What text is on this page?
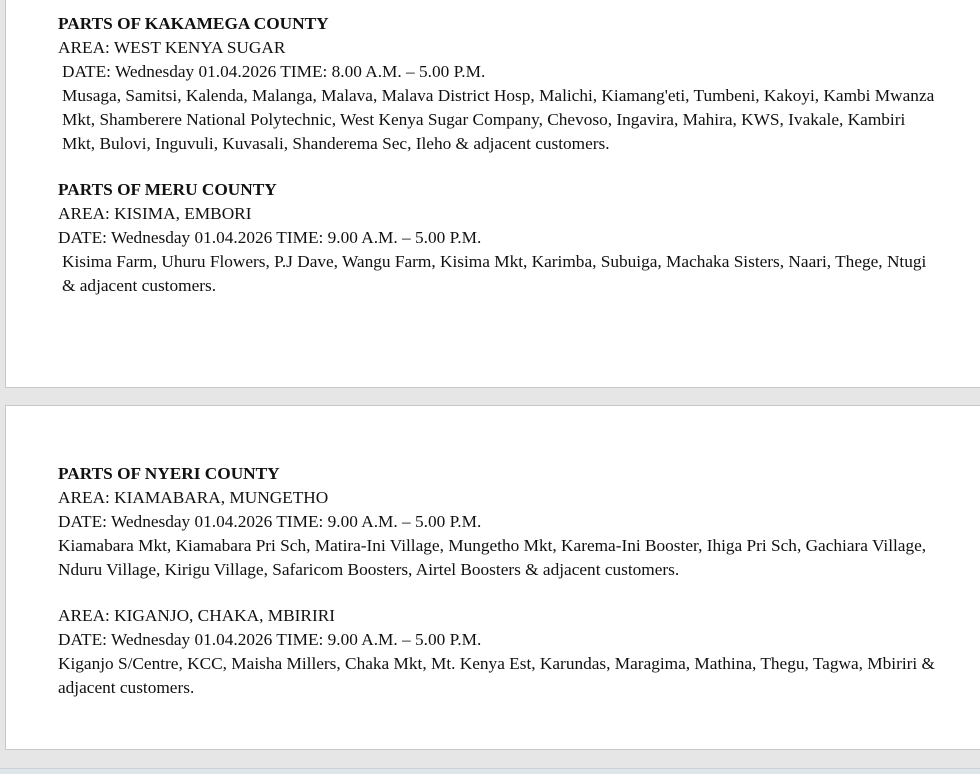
PARTS OF KAKAMEGA COUNTY
AREA: WEST KENYA SUGAR
DATE: Wednesday 01.04.2026 TIME: 8.00 A.M. – 5.00 P.M.
Musaga, Samitsi, Kalenda, Malanga, Malava, Malava District Hosp, Malichi, Kiamang'eti, Tumbeni, Kakoyi, Kambi Mwanza Mkt, Shamberere National Polytechnic, West Kenya Sugar Company, Chevoso, Ingavira, Mahira, KWS, Ivakale, Kambiri Mkt, Bulovi, Inguvuli, Kuvasali, Shanderema Sec, Ileho & adjacent customers.
PARTS OF MERU COUNTY
AREA: KISIMA, EMBORI
DATE: Wednesday 01.04.2026 TIME: 9.00 A.M. – 5.00 P.M.
Kisima Farm, Uhuru Flowers, P.J Dave, Wangu Farm, Kisima Mkt, Karimba, Subuiga, Machaka Sisters, Naari, Thege, Ntugi & adjacent customers.
PARTS OF NYERI COUNTY
AREA: KIAMABARA, MUNGETHO
DATE: Wednesday 01.04.2026 TIME: 9.00 A.M. – 5.00 P.M.
Kiamabara Mkt, Kiamabara Pri Sch, Matira-Ini Village, Mungetho Mkt, Karema-Ini Booster, Ihiga Pri Sch, Gachiara Village, Nduru Village, Kirigu Village, Safaricom Boosters, Airtel Boosters & adjacent customers.
AREA: KIGANJO, CHAKA, MBIRIRI
DATE: Wednesday 01.04.2026 TIME: 9.00 A.M. – 5.00 P.M.
Kiganjo S/Centre, KCC, Maisha Millers, Chaka Mkt, Mt. Kenya Est, Karundas, Maragima, Mathina, Thegu, Tagwa, Mbiriri & adjacent customers.
